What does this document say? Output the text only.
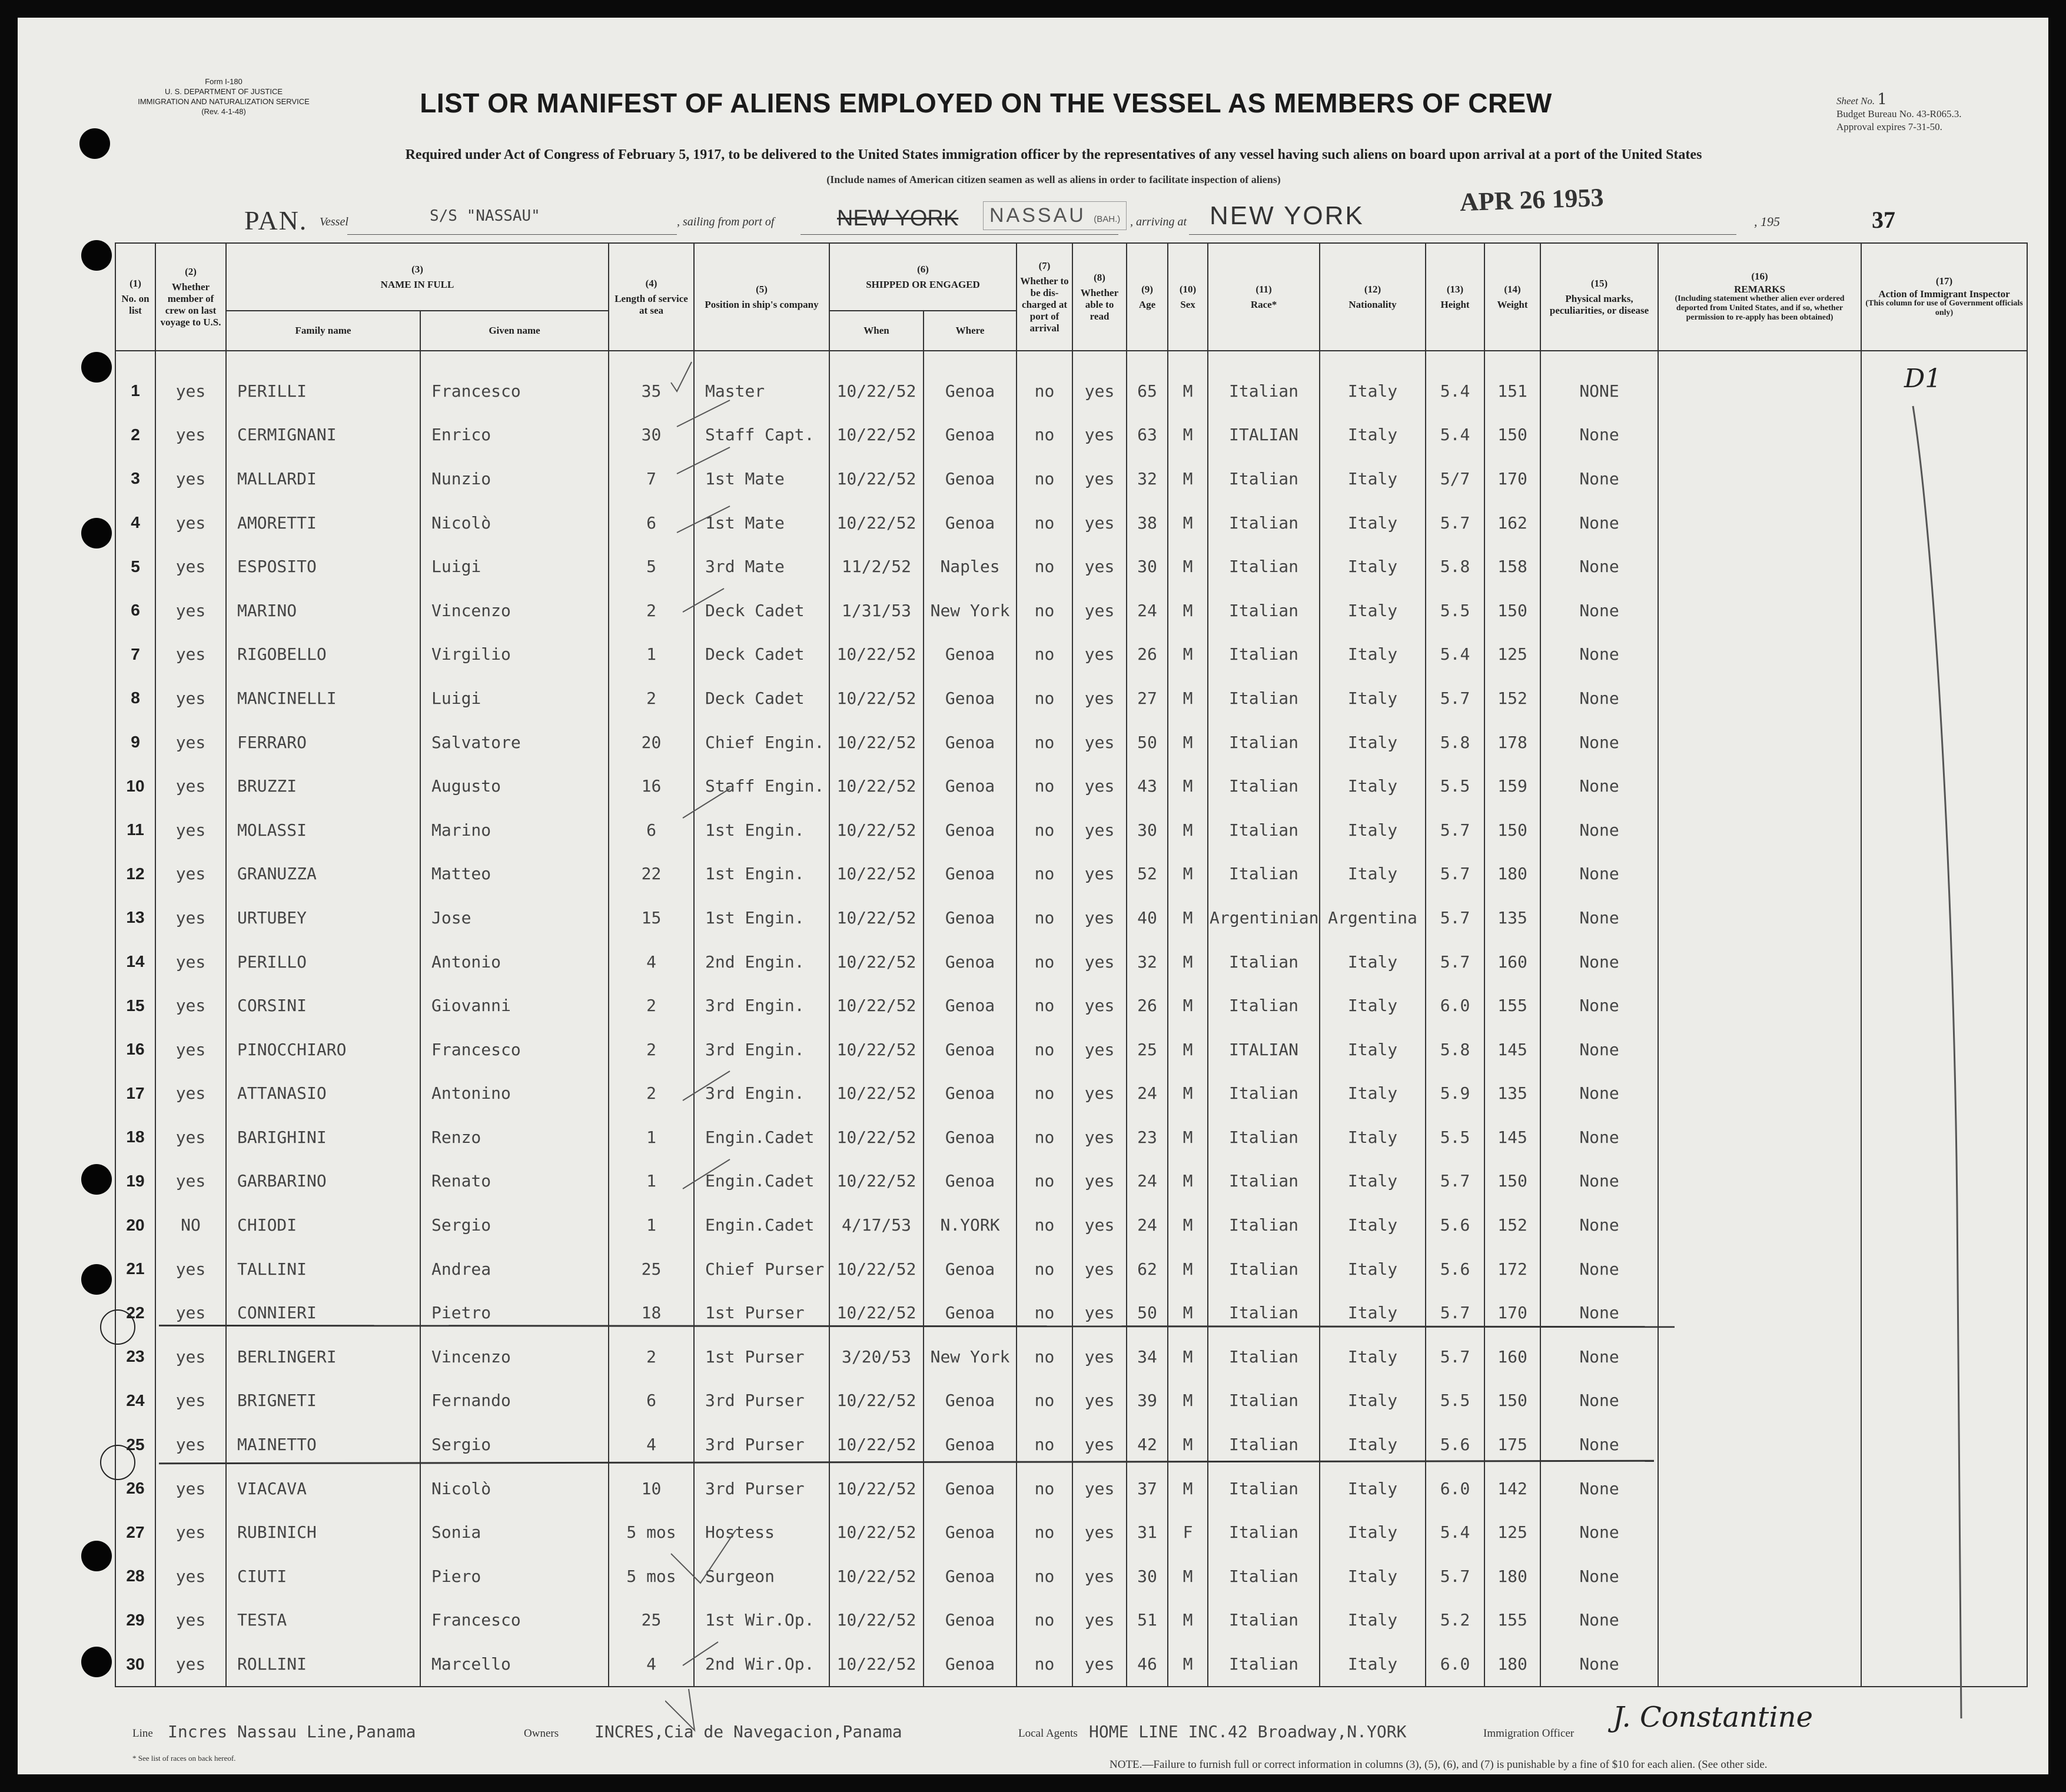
Form I-180
U. S. DEPARTMENT OF JUSTICE
IMMIGRATION AND NATURALIZATION SERVICE
(Rev. 4-1-48)	LIST OR MANIFEST OF ALIENS EMPLOYED ON THE VESSEL AS MEMBERS OF CREW	Sheet No. 1
Budget Bureau No. 43-R065.3.
Approval expires 7-31-50.
Required under Act of Congress of February 5, 1917, to be delivered to the United States immigration officer by the representatives of any vessel having such aliens on board upon arrival at a port of the United States
(Include names of American citizen seamen as well as aliens in order to facilitate inspection of aliens)
PAN. Vessel	S/S "NASSAU"	, sailing from port of	NEW YORK	NASSAU (BAH.) , arriving at NEW YORK	APR 26 1953
, 195	37
(1)
No. on list	(2)
Whether member of crew on last voyage to U.S.	(3)
NAME IN FULL		(4)
Length of service at sea	(5)
Position in ship's company	(6)
SHIPPED OR ENGAGED		(7)
Whether to be dis-charged at port of arrival	(8)
Whether able to read	(9)
Age	(10)
Sex	(11)
Race*	(12)
Nationality	(13)
Height	(14)
Weight	(15)
Physical marks, peculiarities, or disease	(16)
REMARKS
(Including statement whether alien ever ordered deported from United States, and if so, whether permission to re-apply has been obtained)	(17)
Action of Immigrant Inspector
(This column for use of Government officials only)
		Family name	Given name			When	Where											
1	yes	PERILLI	Francesco	35	Master	10/22/52	Genoa	no	yes	65	M	Italian	Italy	5.4	151	NONE		
2	yes	CERMIGNANI	Enrico	30	Staff Capt.	10/22/52	Genoa	no	yes	63	M	ITALIAN	Italy	5.4	150	None		
3	yes	MALLARDI	Nunzio	7	1st Mate	10/22/52	Genoa	no	yes	32	M	Italian	Italy	5/7	170	None		
4	yes	AMORETTI	Nicolò	6	1st Mate	10/22/52	Genoa	no	yes	38	M	Italian	Italy	5.7	162	None		
5	yes	ESPOSITO	Luigi	5	3rd Mate	11/2/52	Naples	no	yes	30	M	Italian	Italy	5.8	158	None		
6	yes	MARINO	Vincenzo	2	Deck Cadet	1/31/53	New York	no	yes	24	M	Italian	Italy	5.5	150	None		
7	yes	RIGOBELLO	Virgilio	1	Deck Cadet	10/22/52	Genoa	no	yes	26	M	Italian	Italy	5.4	125	None		
8	yes	MANCINELLI	Luigi	2	Deck Cadet	10/22/52	Genoa	no	yes	27	M	Italian	Italy	5.7	152	None		
9	yes	FERRARO	Salvatore	20	Chief Engin.	10/22/52	Genoa	no	yes	50	M	Italian	Italy	5.8	178	None		
10	yes	BRUZZI	Augusto	16	Staff Engin.	10/22/52	Genoa	no	yes	43	M	Italian	Italy	5.5	159	None		
11	yes	MOLASSI	Marino	6	1st Engin.	10/22/52	Genoa	no	yes	30	M	Italian	Italy	5.7	150	None		
12	yes	GRANUZZA	Matteo	22	1st Engin.	10/22/52	Genoa	no	yes	52	M	Italian	Italy	5.7	180	None		
13	yes	URTUBEY	Jose	15	1st Engin.	10/22/52	Genoa	no	yes	40	M	Argentinian	Argentina	5.7	135	None		
14	yes	PERILLO	Antonio	4	2nd Engin.	10/22/52	Genoa	no	yes	32	M	Italian	Italy	5.7	160	None		
15	yes	CORSINI	Giovanni	2	3rd Engin.	10/22/52	Genoa	no	yes	26	M	Italian	Italy	6.0	155	None		
16	yes	PINOCCHIARO	Francesco	2	3rd Engin.	10/22/52	Genoa	no	yes	25	M	ITALIAN	Italy	5.8	145	None		
17	yes	ATTANASIO	Antonino	2	3rd Engin.	10/22/52	Genoa	no	yes	24	M	Italian	Italy	5.9	135	None		
18	yes	BARIGHINI	Renzo	1	Engin.Cadet	10/22/52	Genoa	no	yes	23	M	Italian	Italy	5.5	145	None		
19	yes	GARBARINO	Renato	1	Engin.Cadet	10/22/52	Genoa	no	yes	24	M	Italian	Italy	5.7	150	None		
20	NO	CHIODI	Sergio	1	Engin.Cadet	4/17/53	N.YORK	no	yes	24	M	Italian	Italy	5.6	152	None		
21	yes	TALLINI	Andrea	25	Chief Purser	10/22/52	Genoa	no	yes	62	M	Italian	Italy	5.6	172	None		
22	yes	CONNIERI	Pietro	18	1st Purser	10/22/52	Genoa	no	yes	50	M	Italian	Italy	5.7	170	None		
23	yes	BERLINGERI	Vincenzo	2	1st Purser	3/20/53	New York	no	yes	34	M	Italian	Italy	5.7	160	None		
24	yes	BRIGNETI	Fernando	6	3rd Purser	10/22/52	Genoa	no	yes	39	M	Italian	Italy	5.5	150	None		
25	yes	MAINETTO	Sergio	4	3rd Purser	10/22/52	Genoa	no	yes	42	M	Italian	Italy	5.6	175	None		
26	yes	VIACAVA	Nicolò	10	3rd Purser	10/22/52	Genoa	no	yes	37	M	Italian	Italy	6.0	142	None		
27	yes	RUBINICH	Sonia	5 mos	Hostess	10/22/52	Genoa	no	yes	31	F	Italian	Italy	5.4	125	None		
28	yes	CIUTI	Piero	5 mos	Surgeon	10/22/52	Genoa	no	yes	30	M	Italian	Italy	5.7	180	None		
29	yes	TESTA	Francesco	25	1st Wir.Op.	10/22/52	Genoa	no	yes	51	M	Italian	Italy	5.2	155	None		
30	yes	ROLLINI	Marcello	4	2nd Wir.Op.	10/22/52	Genoa	no	yes	46	M	Italian	Italy	6.0	180	None		
D1
Line Incres Nassau Line,Panama	Owners INCRES,Cia de Navegacion,Panama	Local Agents HOME LINE INC.42 Broadway,N.YORK	Immigration Officer J. Constantine
* See list of races on back hereof.
NOTE.—Failure to furnish full or correct information in columns (3), (5), (6), and (7) is punishable by a fine of $10 for each alien. (See other side.
